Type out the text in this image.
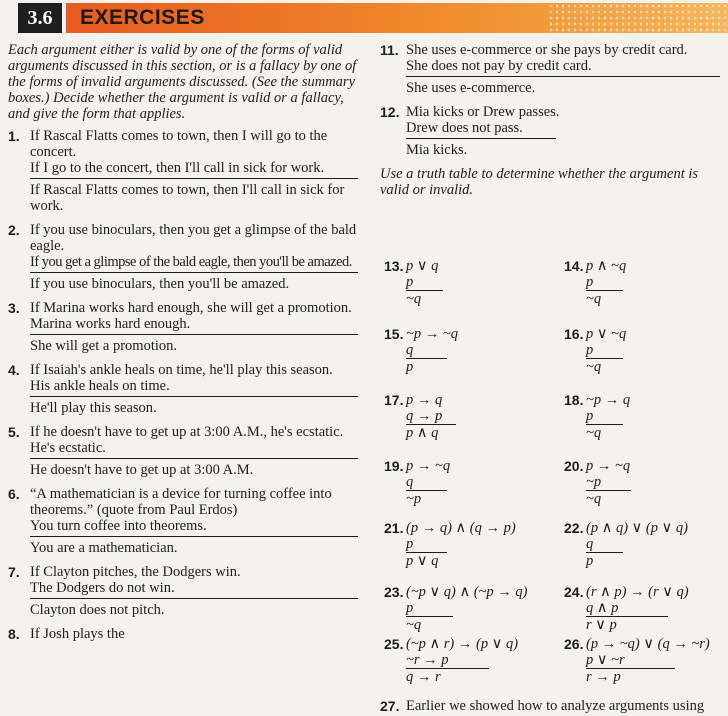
3.6	EXERCISES

Each argument either is valid by one of the forms of valid arguments discussed in this section, or is a fallacy by one of the forms of invalid arguments discussed. (See the summary boxes.) Decide whether the argument is valid or a fallacy, and give the form that applies.

1. If Rascal Flatts comes to town, then I will go to the concert.
If I go to the concert, then I'll call in sick for work.
If Rascal Flatts comes to town, then I'll call in sick for work.
2. If you use binoculars, then you get a glimpse of the bald eagle.
If you get a glimpse of the bald eagle, then you'll be amazed.
If you use binoculars, then you'll be amazed.
3. If Marina works hard enough, she will get a promotion.
Marina works hard enough.
She will get a promotion.
4. If Isaiah's ankle heals on time, he'll play this season.
His ankle heals on time.
He'll play this season.
5. If he doesn't have to get up at 3:00 A.M., he's ecstatic.
He's ecstatic.
He doesn't have to get up at 3:00 A.M.
6. “A mathematician is a device for turning coffee into theorems.” (quote from Paul Erdos)
You turn coffee into theorems.
You are a mathematician.
7. If Clayton pitches, the Dodgers win.
The Dodgers do not win.
Clayton does not pitch.
8. If Josh plays the
11. She uses e-commerce or she pays by credit card.
She does not pay by credit card.
She uses e-commerce.
12. Mia kicks or Drew passes.
Drew does not pass.
Mia kicks.

Use a truth table to determine whether the argument is valid or invalid.

13. p ∨ q
p
~q
14. p ∧ ~q
p
~q
15. ~p → ~q
q
p
16. p ∨ ~q
p
~q
17. p → q
q → p
p ∧ q
18. ~p → q
p
~q
19. p → ~q
q
~p
20. p → ~q
~p
~q
21. (p → q) ∧ (q → p)
p
p ∨ q
22. (p ∧ q) ∨ (p ∨ q)
q
p
23. (~p ∨ q) ∧ (~p → q)
p
~q
24. (r ∧ p) → (r ∨ q)
q ∧ p
r ∨ p
25. (~p ∧ r) → (p ∨ q)
~r → p
q → r
26. (p → ~q) ∨ (q → ~r)
p ∨ ~r
r → p
27. Earlier we showed how to analyze arguments using
